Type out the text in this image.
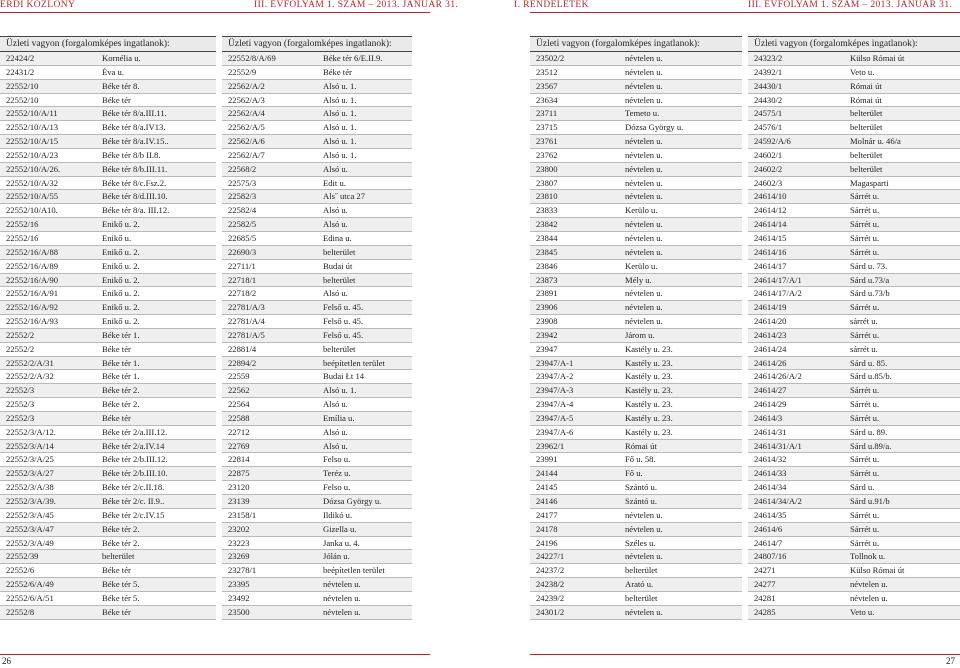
ÉRDI KÖZLÖNY	III. ÉVFOLYAM 1. SZÁM – 2013. JANUÁR 31.	I. RENDELETEK	III. ÉVFOLYAM 1. SZÁM – 2013. JANUÁR 31.
Üzleti vagyon (forgalomképes ingatlanok):
22424/2	Kornélia u.
22431/2	Éva u.
22552/10	Béke tér 8.
22552/10	Béke tér
22552/10/A/11	Béke tér 8/a.III.11.
22552/10/A/13	Béke tér 8/a.IV13.
22552/10/A/15	Béke tér 8/a.IV.15..
22552/10/A/23	Béke tér 8/b II.8.
22552/10/A/26.	Béke tér 8/b.III.11.
22552/10/A/32	Béke tér 8/c.Fsz.2.
22552/10/A/55	Béke tér 8/d.III.10.
22552/10/A10.	Béke tér 8/a. III.12.
22552/16	Enikő u. 2.
22552/16	Enikő u.
22552/16/A/88	Enikő u. 2.
22552/16/A/89	Enikő u. 2.
22552/16/A/90	Enikő u. 2.
22552/16/A/91	Enikő u. 2.
22552/16/A/92	Enikő u. 2.
22552/16/A/93	Enikő u. 2.
22552/2	Béke tér 1.
22552/2	Béke tér
22552/2/A/31	Béke tér 1.
22552/2/A/32	Béke tér 1.
22552/3	Béke tér 2.
22552/3	Béke tér 2.
22552/3	Béke tér
22552/3/A/12.	Béke tér 2/a.III.12.
22552/3/A/14	Béke tér 2/a.IV.14
22552/3/A/25	Béke tér 2/b.III.12.
22552/3/A/27	Béke tér 2/b.III.10.
22552/3/A/38	Béke tér 2/c.II.18.
22552/3/A/39.	Béke tér 2/c. II.9..
22552/3/A/45	Béke tér 2/c.IV.15
22552/3/A/47	Béke tér 2.
22552/3/A/49	Béke tér 2.
22552/39	belterület
22552/6	Béke tér
22552/6/A/49	Béke tér 5.
22552/6/A/51	Béke tér 5.
22552/8	Béke tér
Üzleti vagyon (forgalomképes ingatlanok):
22552/8/A/69	Béke tér 6/E.II.9.
22552/9	Béke tér
22562/A/2	Alsó u. 1.
22562/A/3	Alsó u. 1.
22562/A/4	Alsó u. 1.
22562/A/5	Alsó u. 1.
22562/A/6	Alsó u. 1.
22562/A/7	Alsó u. 1.
22568/2	Alsó u.
22575/3	Edit u.
22582/3	Als˝ utca 27
22582/4	Alsó u.
22582/5	Alsó u.
22685/5	Edina u.
22690/3	belterület
22711/1	Budai út
22718/1	belterület
22718/2	Alsó u.
22781/A/3	Felső u. 45.
22781/A/4	Felső u. 45.
22781/A/5	Felső u. 45.
22881/4	belterület
22894/2	beépítetlen terület
22559	Budai Łt 14
22562	Alsó u. 1.
22564	Alsó u.
22588	Emília u.
22712	Alsó u.
22769	Alsó u.
22814	Felso u.
22875	Teréz u.
23120	Felso u.
23139	Dózsa György u.
23158/1	Ildikó u.
23202	Gizella u.
23223	Janka u. 4.
23269	Jólán u.
23278/1	beépítetlen terület
23395	névtelen u.
23492	névtelen u.
23500	névtelen u.
Üzleti vagyon (forgalomképes ingatlanok):
23502/2	névtelen u.
23512	névtelen u.
23567	névtelen u.
23634	névtelen u.
23711	Temeto u.
23715	Dózsa György u.
23761	névtelen u.
23762	névtelen u.
23800	névtelen u.
23807	névtelen u.
23810	névtelen u.
23833	Kerülo u.
23842	névtelen u.
23844	névtelen u.
23845	névtelen u.
23846	Kerülo u.
23873	Mély u.
23891	névtelen u.
23906	névtelen u.
23908	névtelen u.
23942	Járom u.
23947	Kastély u. 23.
23947/A-1	Kastély u. 23.
23947/A-2	Kastély u. 23.
23947/A-3	Kastély u. 23.
23947/A-4	Kastély u. 23.
23947/A-5	Kastély u. 23.
23947/A-6	Kastély u. 23.
23962/1	Római út
23991	Fő u. 58.
24144	Fő u.
24145	Szántó u.
24146	Szántó u.
24177	névtelen u.
24178	névtelen u.
24196	Széles u.
24227/1	névtelen u.
24237/2	belterület
24238/2	Arató u.
24239/2	belterület
24301/2	névtelen u.
Üzleti vagyon (forgalomképes ingatlanok):
24323/2	Külso Római út
24392/1	Veto u.
24430/1	Római út
24430/2	Római út
24575/1	belterület
24576/1	belterület
24592/A/6	Molnár u. 46/a
24602/1	belterület
24602/2	belterület
24602/3	Magasparti
24614/10	Sárrét u.
24614/12	Sárrét u.
24614/14	Sárrét u.
24614/15	Sárrét u.
24614/16	Sárrét u.
24614/17	Sárd u. 73.
24614/17/A/1	Sárd u.73/a
24614/17/A/2	Sárd u.73/b
24614/19	Sárrét u.
24614/20	sárrét u.
24614/23	Sárrét u.
24614/24	sárrét u.
24614/26	Sárd u. 85.
24614/26/A/2	Sárd u.85/b.
24614/27	Sárrét u.
24614/29	Sárrét u.
24614/3	Sárrét u.
24614/31	Sárd u. 89.
24614/31/A/1	Sárd u.89/a.
24614/32	Sárrét u.
24614/33	Sárrét u.
24614/34	Sárd u.
24614/34/A/2	Sárd u.91/b
24614/35	Sárrét u.
24614/6	Sárrét u.
24614/7	Sárrét u.
24807/16	Tollnok u.
24271	Külso Római út
24277	névtelen u.
24281	névtelen u.
24285	Veto u.
26	27
